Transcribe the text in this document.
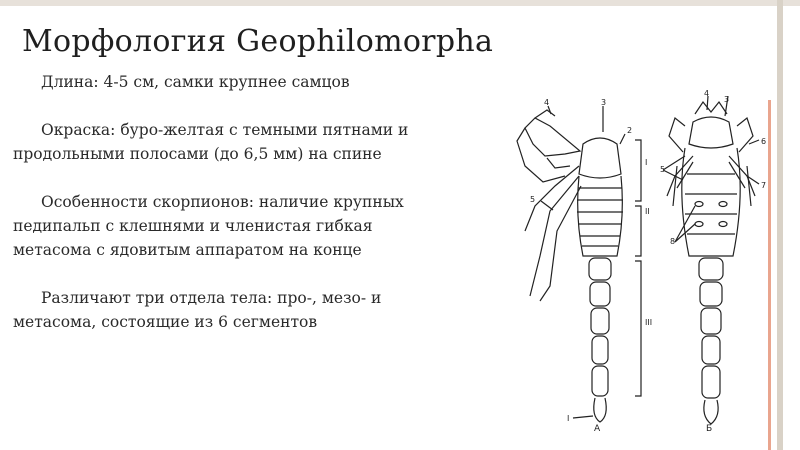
Морфология Geophilomorpha

Длина: 4-5 см, самки крупнее самцов

Окраска: буро-желтая с темными пятнами и
продольными полосами (до 6,5 мм) на спине

Особенности скорпионов: наличие крупных
педипальп с клешнями и членистая гибкая
метасома с ядовитым аппаратом на конце

Различают три отдела тела: про-, мезо- и
метасома, состоящие из 6 сегментов

4	3
2
5
I
II
III
I
А
4
3
6
5
7
8
Б
